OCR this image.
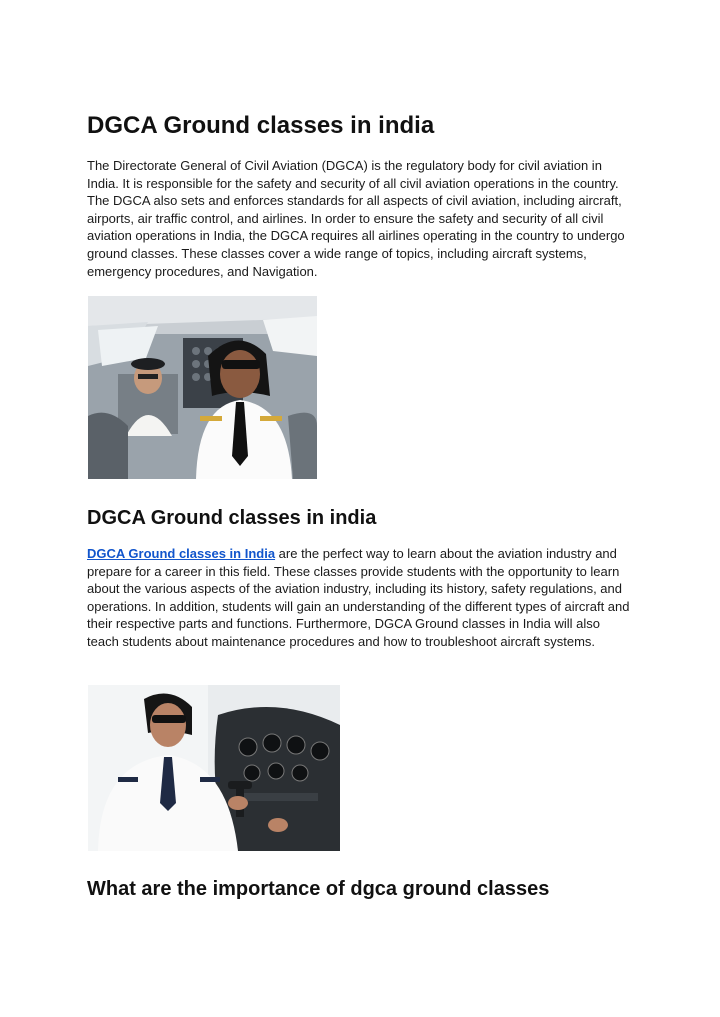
DGCA Ground classes in india

The Directorate General of Civil Aviation (DGCA) is the regulatory body for civil aviation in India. It is responsible for the safety and security of all civil aviation operations in the country. The DGCA also sets and enforces standards for all aspects of civil aviation, including aircraft, airports, air traffic control, and airlines. In order to ensure the safety and security of all civil aviation operations in India, the DGCA requires all airlines operating in the country to undergo ground classes. These classes cover a wide range of topics, including aircraft systems, emergency procedures, and Navigation.

DGCA Ground classes in india

DGCA Ground classes in India are the perfect way to learn about the aviation industry and prepare for a career in this field. These classes provide students with the opportunity to learn about the various aspects of the aviation industry, including its history, safety regulations, and operations. In addition, students will gain an understanding of the different types of aircraft and their respective parts and functions. Furthermore, DGCA Ground classes in India will also teach students about maintenance procedures and how to troubleshoot aircraft systems.

What are the importance of dgca ground classes
